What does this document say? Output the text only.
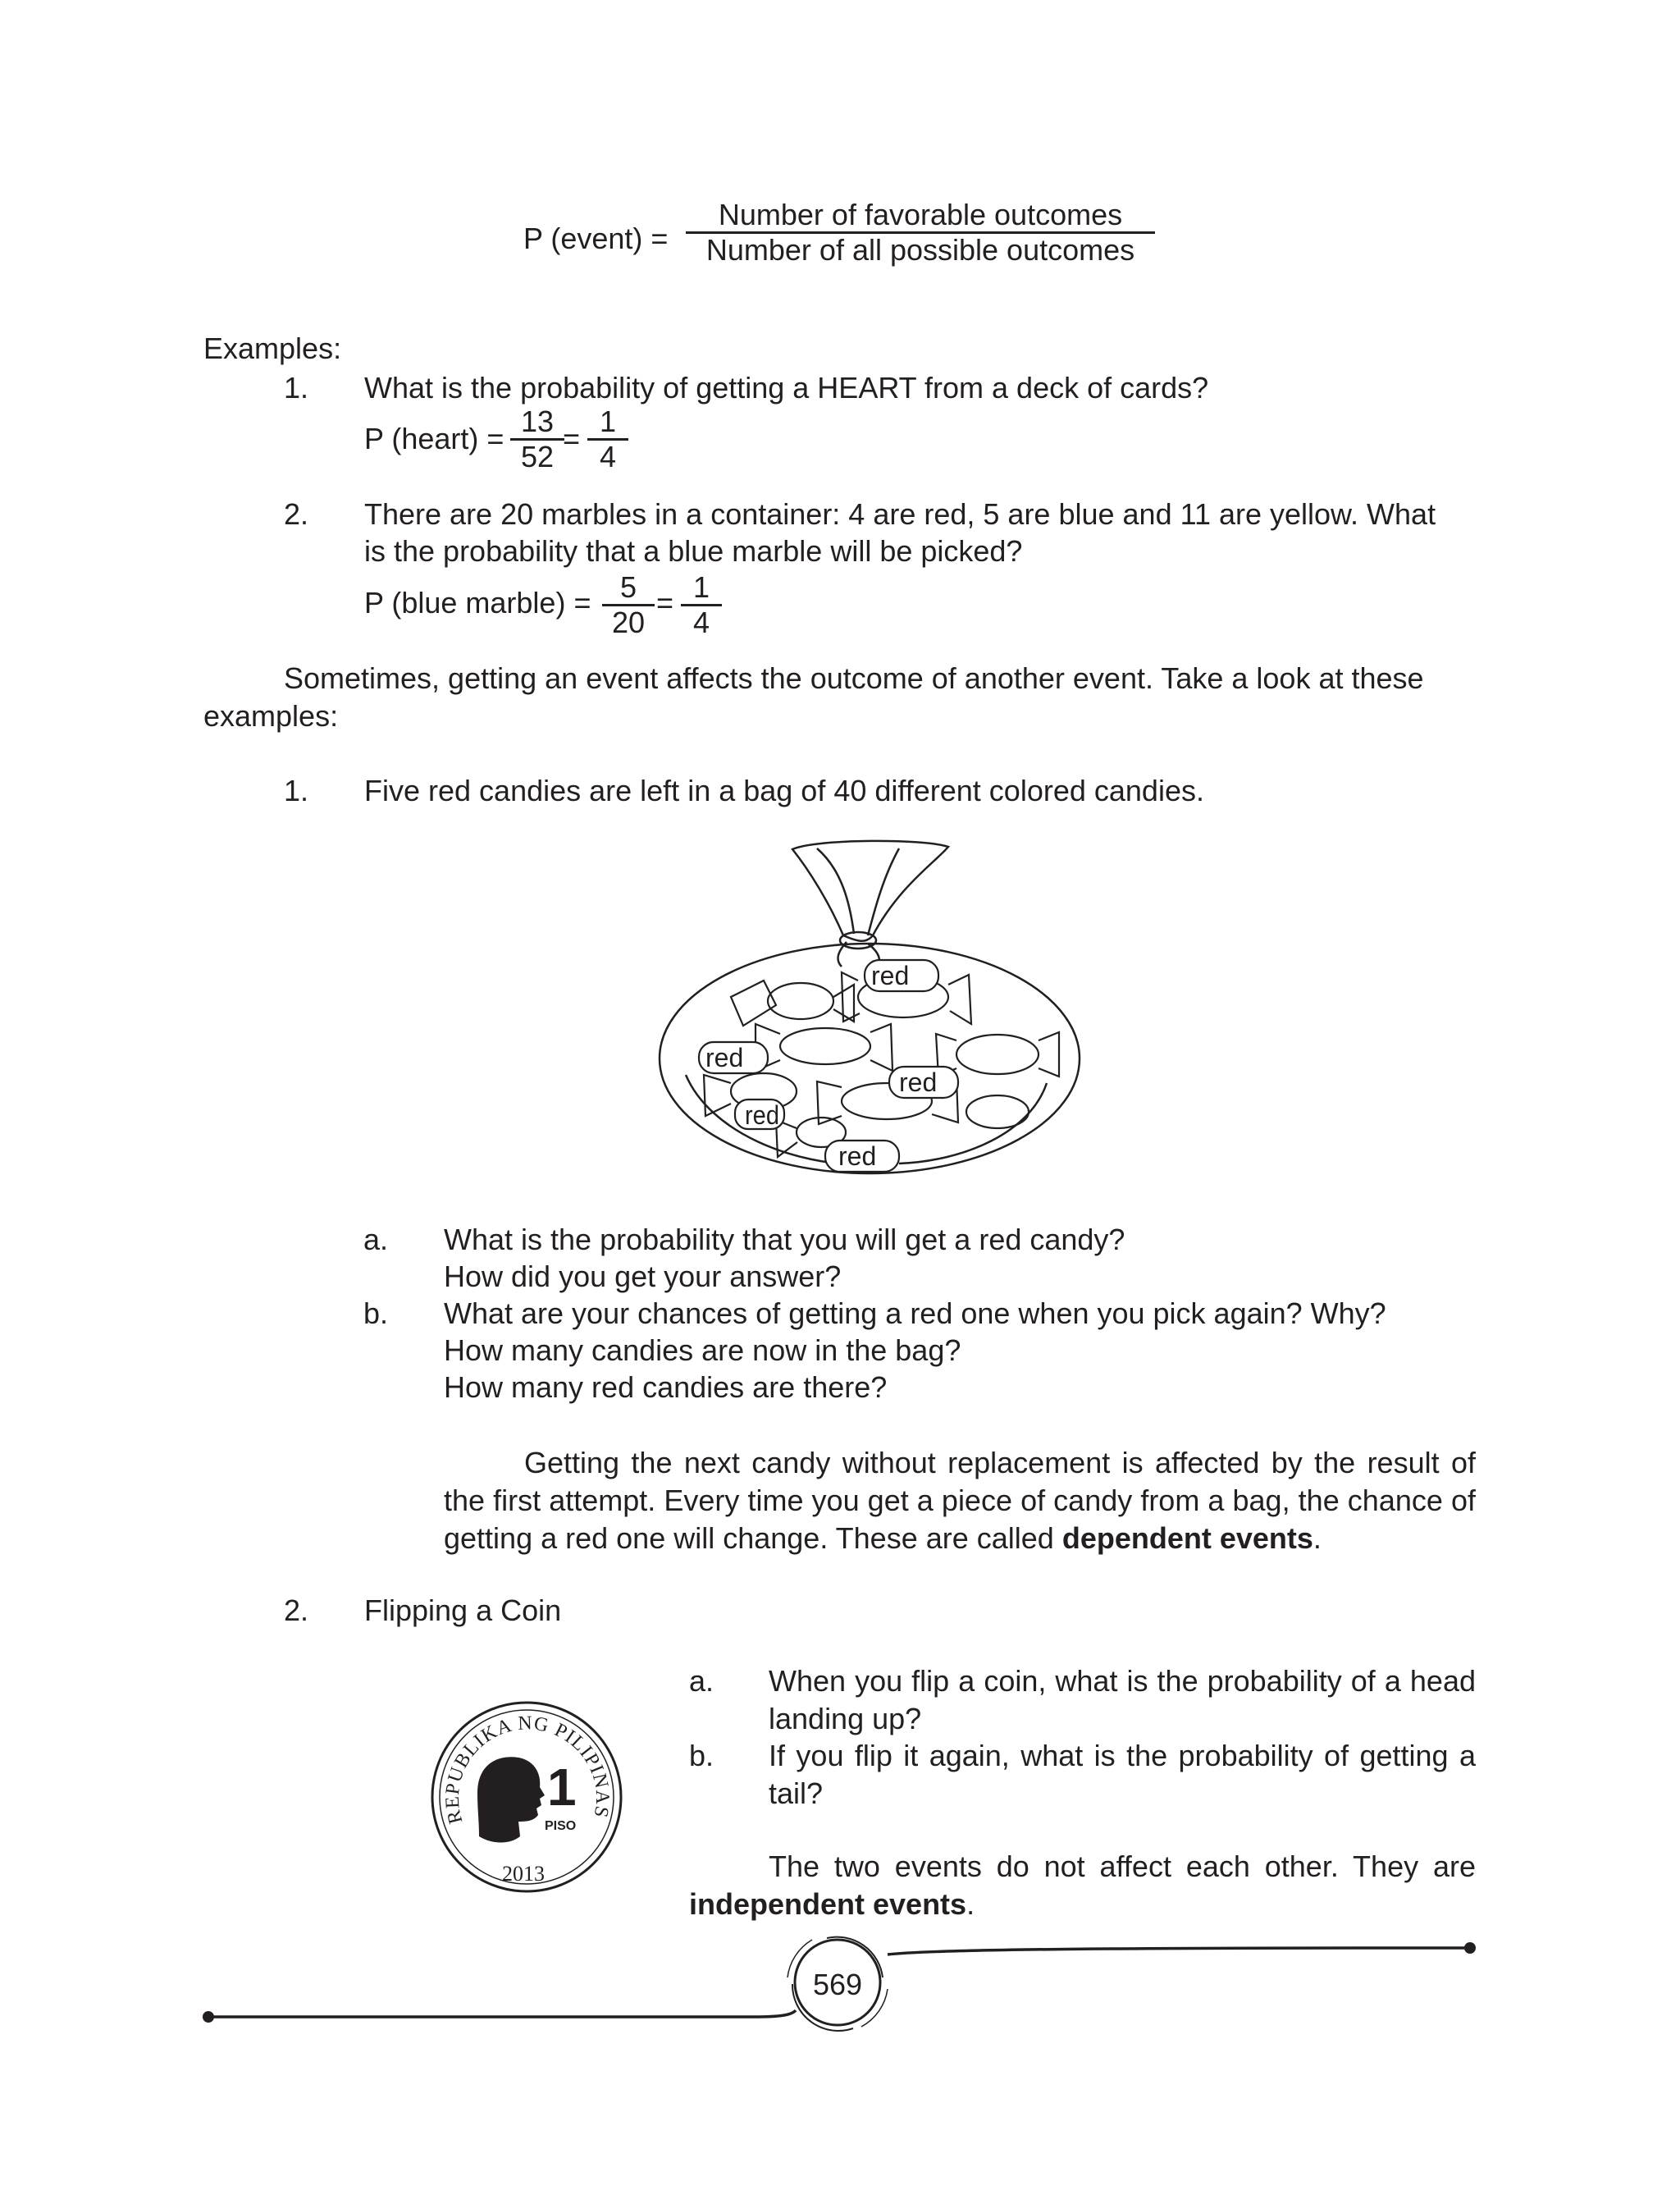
P (event) =
Number of favorable outcomes
Number of all possible outcomes
Examples:
1. What is the probability of getting a HEART from a deck of cards?
P (heart) = $\frac{13}{52}$
= $\frac{1}{4}$
2. There are 20 marbles in a container: 4 are red, 5 are blue and 11 are yellow. What
is the probability that a blue marble will be picked?
P (blue marble) = $\frac{5}{20} = \frac{1}{4}$
Sometimes, getting an event affects the outcome of another event. Take a look at these
examples:
1. Five red candies are left in a bag of 40 different colored candies.
red
red
red
red
red
a. What is the probability that you will get a red candy?
How did you get your answer?
b. What are your chances of getting a red one when you pick again? Why?
How many candies are now in the bag?
How many red candies are there?
Getting the next candy without replacement is affected by the result of the first attempt. Every time you get a piece of candy from a bag, the chance of getting a red one will change. These are called dependent events.
2. Flipping a Coin
REPUBLIKA NG PILIPINAS
1
PISO
2013
a. When you flip a coin, what is the probability of a head landing up?
b. If you flip it again, what is the probability of getting a tail?
The two events do not affect each other. They are independent events.
569
